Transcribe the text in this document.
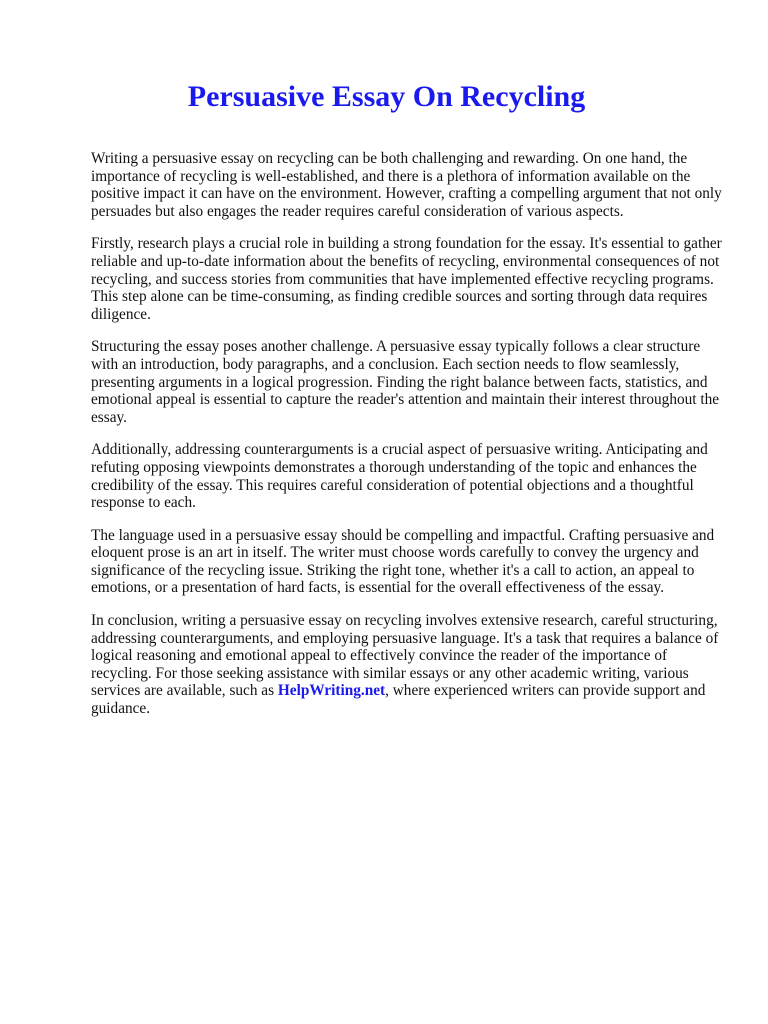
Persuasive Essay On Recycling

Writing a persuasive essay on recycling can be both challenging and rewarding. On one hand, the importance of recycling is well-established, and there is a plethora of information available on the positive impact it can have on the environment. However, crafting a compelling argument that not only persuades but also engages the reader requires careful consideration of various aspects.

Firstly, research plays a crucial role in building a strong foundation for the essay. It's essential to gather reliable and up-to-date information about the benefits of recycling, environmental consequences of not recycling, and success stories from communities that have implemented effective recycling programs. This step alone can be time-consuming, as finding credible sources and sorting through data requires diligence.

Structuring the essay poses another challenge. A persuasive essay typically follows a clear structure with an introduction, body paragraphs, and a conclusion. Each section needs to flow seamlessly, presenting arguments in a logical progression. Finding the right balance between facts, statistics, and emotional appeal is essential to capture the reader's attention and maintain their interest throughout the essay.

Additionally, addressing counterarguments is a crucial aspect of persuasive writing. Anticipating and refuting opposing viewpoints demonstrates a thorough understanding of the topic and enhances the credibility of the essay. This requires careful consideration of potential objections and a thoughtful response to each.

The language used in a persuasive essay should be compelling and impactful. Crafting persuasive and eloquent prose is an art in itself. The writer must choose words carefully to convey the urgency and significance of the recycling issue. Striking the right tone, whether it's a call to action, an appeal to emotions, or a presentation of hard facts, is essential for the overall effectiveness of the essay.

In conclusion, writing a persuasive essay on recycling involves extensive research, careful structuring, addressing counterarguments, and employing persuasive language. It's a task that requires a balance of logical reasoning and emotional appeal to effectively convince the reader of the importance of recycling. For those seeking assistance with similar essays or any other academic writing, various services are available, such as HelpWriting.net, where experienced writers can provide support and guidance.
